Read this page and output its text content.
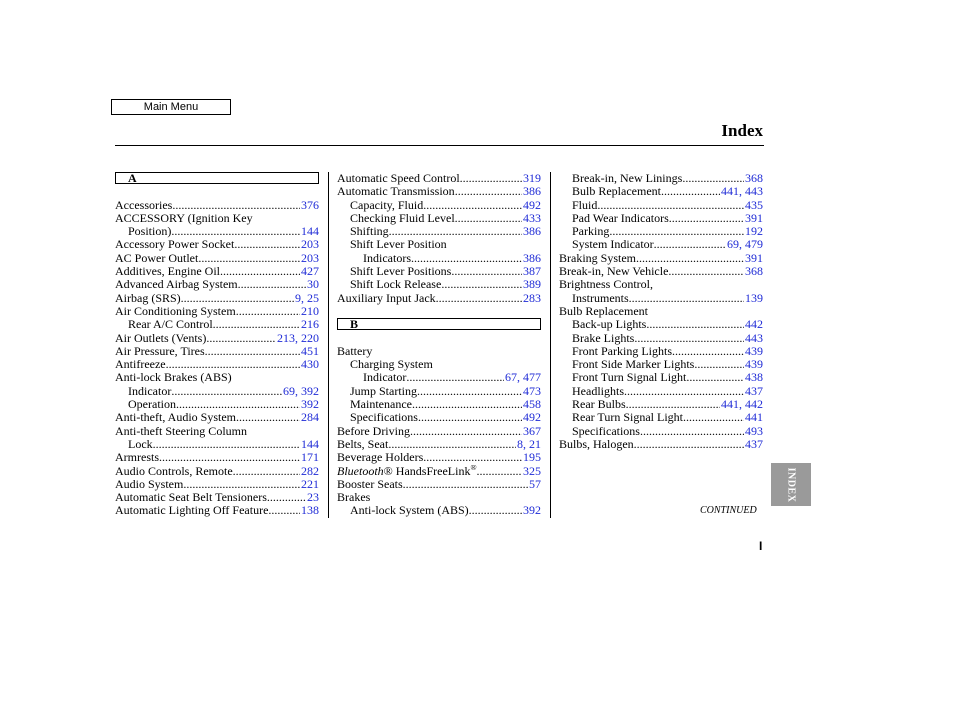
Main Menu
Index
A
Accessories .....	376
ACCESSORY (Ignition Key
Position) .....	144
Accessory Power Socket .....	203
AC Power Outlet .....	203
Additives, Engine Oil .....	427
Advanced Airbag System .....	30
Airbag (SRS) .....	9, 25
Air Conditioning System .....	210
Rear A/C Control .....	216
Air Outlets (Vents) .....	213, 220
Air Pressure, Tires .....	451
Antifreeze .....	430
Anti-lock Brakes (ABS)
Indicator .....	69, 392
Operation .....	392
Anti-theft, Audio System .....	284
Anti-theft Steering Column
Lock .....	144
Armrests .....	171
Audio Controls, Remote .....	282
Audio System .....	221
Automatic Seat Belt Tensioners .....	23
Automatic Lighting Off Feature .....	138
Automatic Speed Control .....	319
Automatic Transmission .....	386
Capacity, Fluid .....	492
Checking Fluid Level .....	433
Shifting .....	386
Shift Lever Position
Indicators .....	386
Shift Lever Positions .....	387
Shift Lock Release .....	389
Auxiliary Input Jack .....	283
B
Battery
Charging System
Indicator .....	67, 477
Jump Starting .....	473
Maintenance .....	458
Specifications .....	492
Before Driving .....	367
Belts, Seat .....	8, 21
Beverage Holders .....	195
Bluetooth® HandsFreeLink® .....	325
Booster Seats .....	57
Brakes
Anti-lock System (ABS) .....	392
Break-in, New Linings .....	368
Bulb Replacement .....	441, 443
Fluid .....	435
Pad Wear Indicators .....	391
Parking .....	192
System Indicator .....	69, 479
Braking System .....	391
Break-in, New Vehicle .....	368
Brightness Control,
Instruments .....	139
Bulb Replacement
Back-up Lights .....	442
Brake Lights .....	443
Front Parking Lights .....	439
Front Side Marker Lights .....	439
Front Turn Signal Light .....	438
Headlights .....	437
Rear Bulbs .....	441, 442
Rear Turn Signal Light .....	441
Specifications .....	493
Bulbs, Halogen .....	437
INDEX
CONTINUED
I
